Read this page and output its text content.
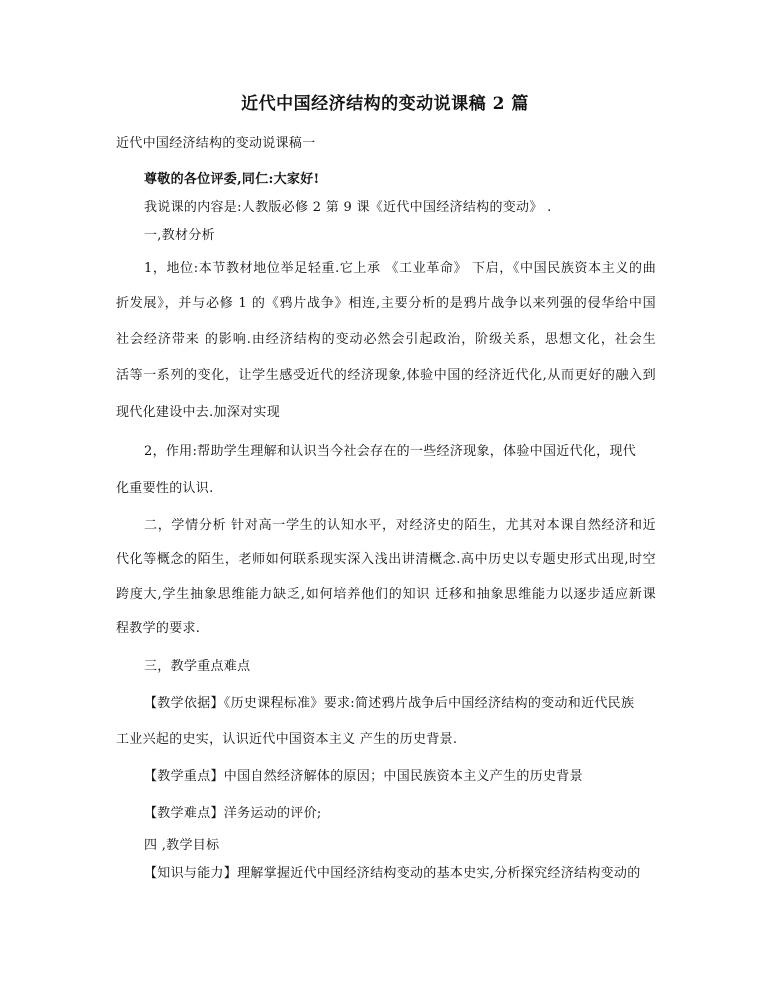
近代中国经济结构的变动说课稿 2 篇
近代中国经济结构的变动说课稿一
尊敬的各位评委,同仁:大家好!
我说课的内容是:人教版必修 2 第 9 课《近代中国经济结构的变动》 .
一,教材分析
1，地位:本节教材地位举足轻重.它上承 《工业革命》 下启，《中国民族资本主义的曲
折发展》，并与必修 1 的《鸦片战争》相连,主要分析的是鸦片战争以来列强的侵华给中国
社会经济带来 的影响.由经济结构的变动必然会引起政治，阶级关系，思想文化，社会生
活等一系列的变化，让学生感受近代的经济现象,体验中国的经济近代化,从而更好的融入到
现代化建设中去.加深对实现
2，作用:帮助学生理解和认识当今社会存在的一些经济现象，体验中国近代化，现代
化重要性的认识.
二，学情分析 针对高一学生的认知水平，对经济史的陌生，尤其对本课自然经济和近
代化等概念的陌生，老师如何联系现实深入浅出讲清概念.高中历史以专题史形式出现,时空
跨度大,学生抽象思维能力缺乏,如何培养他们的知识 迁移和抽象思维能力以逐步适应新课
程教学的要求.
三，教学重点难点
【教学依据】《历史课程标准》要求:简述鸦片战争后中国经济结构的变动和近代民族
工业兴起的史实，认识近代中国资本主义 产生的历史背景.
【教学重点】中国自然经济解体的原因；中国民族资本主义产生的历史背景
【教学难点】洋务运动的评价;
四 ,教学目标
【知识与能力】理解掌握近代中国经济结构变动的基本史实,分析探究经济结构变动的
